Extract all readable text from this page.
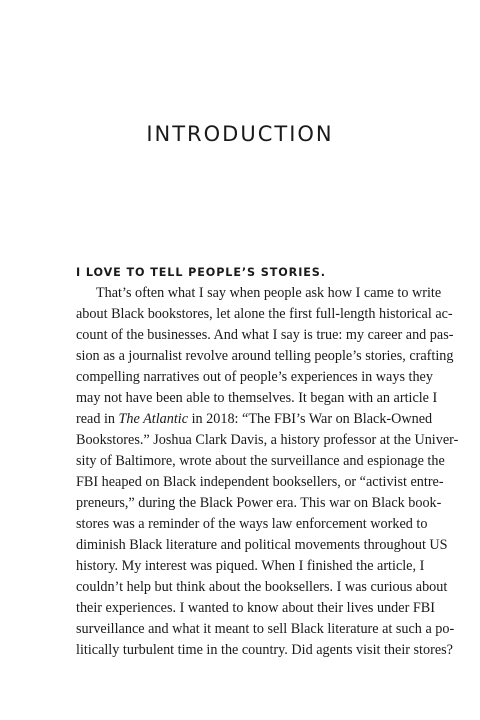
INTRODUCTION
I LOVE TO TELL PEOPLE’S STORIES.
That’s often what I say when people ask how I came to write
about Black bookstores, let alone the first full-length historical ac-
count of the businesses. And what I say is true: my career and pas-
sion as a journalist revolve around telling people’s stories, crafting
compelling narratives out of people’s experiences in ways they
may not have been able to themselves. It began with an article I
read in The Atlantic in 2018: “The FBI’s War on Black-Owned
Bookstores.” Joshua Clark Davis, a history professor at the Univer-
sity of Baltimore, wrote about the surveillance and espionage the
FBI heaped on Black independent booksellers, or “activist entre-
preneurs,” during the Black Power era. This war on Black book-
stores was a reminder of the ways law enforcement worked to
diminish Black literature and political movements throughout US
history. My interest was piqued. When I finished the article, I
couldn’t help but think about the booksellers. I was curious about
their experiences. I wanted to know about their lives under FBI
surveillance and what it meant to sell Black literature at such a po-
litically turbulent time in the country. Did agents visit their stores?
